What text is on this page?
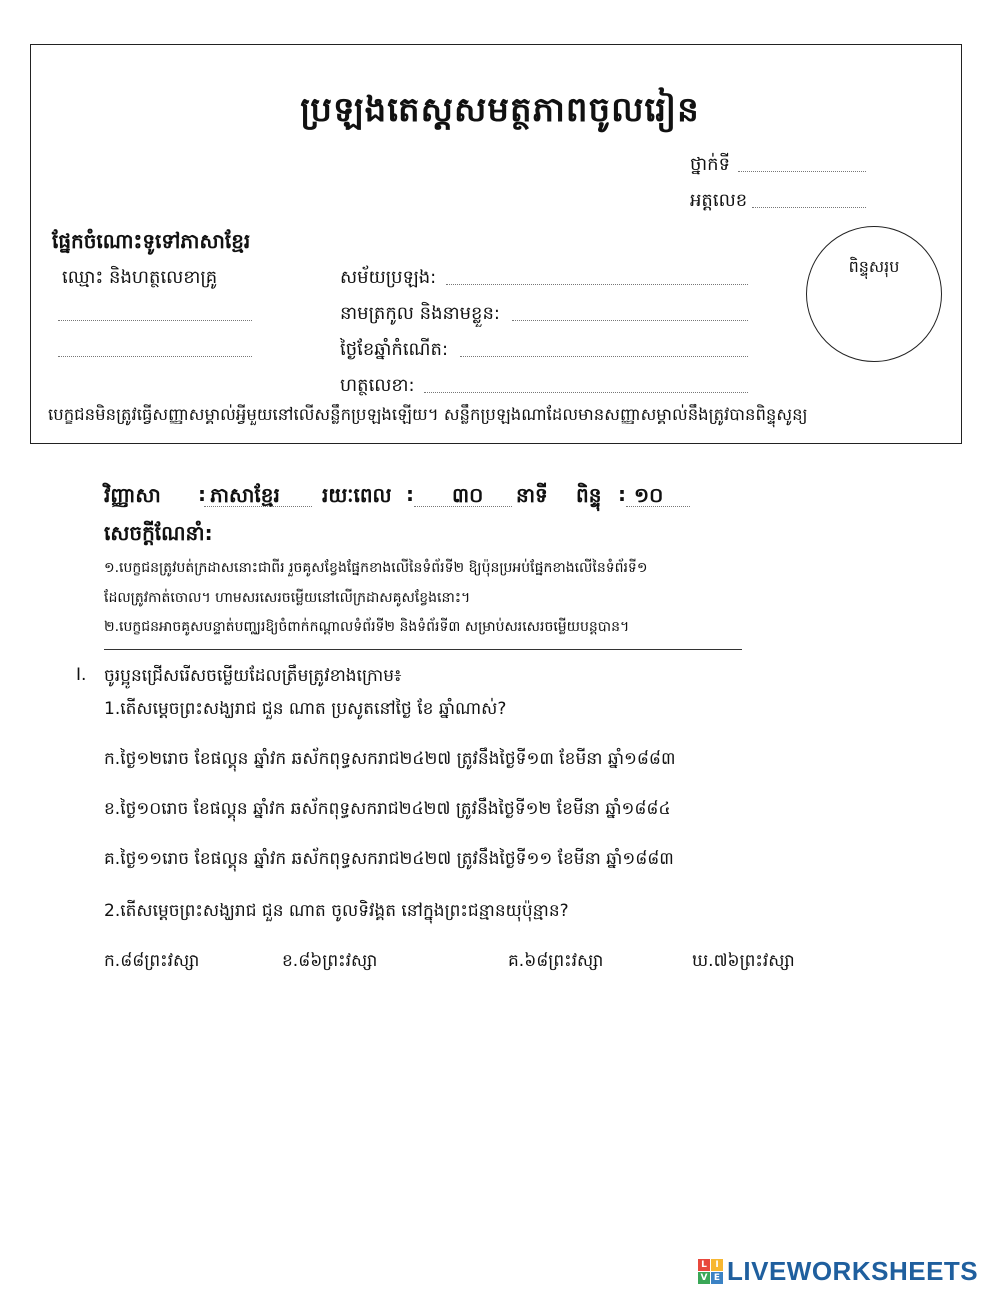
ប្រឡងតេស្តសមត្ថភាពចូលរៀន
ថ្នាក់ទី
អត្តលេខ
ផ្នែកចំណោះទូទៅភាសាខ្មែរ
ឈ្មោះ និងហត្ថលេខាគ្រូ	សម័យប្រឡង:
នាមត្រកូល និងនាមខ្លួន:
ថ្ងៃខែឆ្នាំកំណើត:
ហត្ថលេខា:
ពិន្ទុសរុប
បេក្ខជនមិនត្រូវធ្វើសញ្ញាសម្គាល់អ្វីមួយនៅលើសន្លឹកប្រឡងឡើយ។ សន្លឹកប្រឡងណាដែលមានសញ្ញាសម្គាល់នឹងត្រូវបានពិន្ទុសូន្យ
វិញ្ញាសា : ភាសាខ្មែរ រយៈពេល : ៣០ នាទី ពិន្ទុ : ១០
សេចក្ដីណែនាំ:
១.បេក្ខជនត្រូវបត់ក្រដាសនោះជាពីរ រួចគូសខ្វែងផ្នែកខាងលើនៃទំព័រទី២ ឱ្យប៉ុនប្រអប់ផ្នែកខាងលើនៃទំព័រទី១
ដែលត្រូវកាត់ចោល។ ហាមសរសេរចម្លើយនៅលើក្រដាសគូសខ្វែងនោះ។
២.បេក្ខជនអាចគូសបន្ទាត់បញ្ឈរឱ្យចំពាក់កណ្ដាលទំព័រទី២ និងទំព័រទី៣ សម្រាប់សរសេរចម្លើយបន្តបាន។
I. ចូរប្អូនជ្រើសរើសចម្លើយដែលត្រឹមត្រូវខាងក្រោម៖
1.តើសម្ដេចព្រះសង្ឃរាជ ជួន ណាត ប្រសូតនៅថ្ងៃ ខែ ឆ្នាំណាស់?
ក.ថ្ងៃ១២រោច ខែផល្គុន ឆ្នាំវក ឆស័កពុទ្ធសករាជ២៤២៧ ត្រូវនឹងថ្ងៃទី១៣ ខែមីនា ឆ្នាំ១៨៨៣
ខ.ថ្ងៃ១០រោច ខែផល្គុន ឆ្នាំវក ឆស័កពុទ្ធសករាជ២៤២៧ ត្រូវនឹងថ្ងៃទី១២ ខែមីនា ឆ្នាំ១៨៨៤
គ.ថ្ងៃ១១រោច ខែផល្គុន ឆ្នាំវក ឆស័កពុទ្ធសករាជ២៤២៧ ត្រូវនឹងថ្ងៃទី១១ ខែមីនា ឆ្នាំ១៨៨៣
2.តើសម្ដេចព្រះសង្ឃរាជ ជួន ណាត ចូលទិវង្គត នៅក្នុងព្រះជន្មានយុប៉ុន្មាន?
ក.៨៨ព្រះវស្សា	ខ.៨៦ព្រះវស្សា	គ.៦៨ព្រះវស្សា	ឃ.៧៦ព្រះវស្សា
L I
V E LIVEWORKSHEETS
